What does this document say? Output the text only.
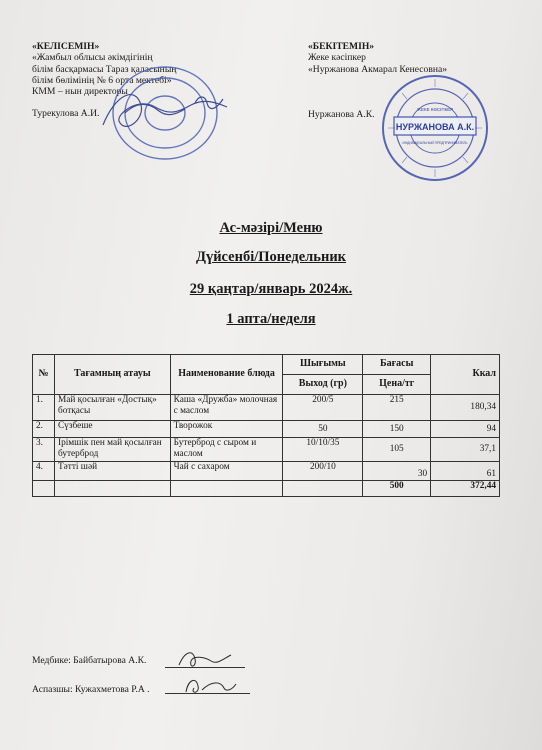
«КЕЛІСЕМІН»
«Жамбыл облысы әкімдігінің
білім басқармасы Тараз қаласының
білім бөлімінің № 6 орта мектебі»
КММ – нын директоры
Турекулова А.И.
«БЕКІТЕМІН»
Жеке кәсіпкер
«Нуржанова Акмарал Кенесовна»
Нуржанова А.К.
НУРЖАНОВА А.К.
ЖЕКЕ КӘСІПКЕР
ИНДИВИДУАЛЬНЫЙ ПРЕДПРИНИМАТЕЛЬ
Ас-мәзірі/Меню
Дүйсенбі/Понедельник
29 қаңтар/январь 2024ж.
1 апта/неделя
№	Тағамның атауы	Наименование блюда	Шығымы	Бағасы	Ккал
			Выход (гр)	Цена/тг	
1.	Май қосылған «Достық» ботқасы	Каша «Дружба» молочная с маслом	200/5	215	180,34
2.	Сүзбеше	Творожок	50	150	94
3.	Ірімшік пен май қосылған бутерброд	Бутерброд с сыром и маслом	10/10/35	105	37,1
4.	Тәтті шәй	Чай с сахаром	200/10	30	61
				500	372,44
Медбике: Байбатырова А.К.
Аспазшы: Кужахметова Р.А .
